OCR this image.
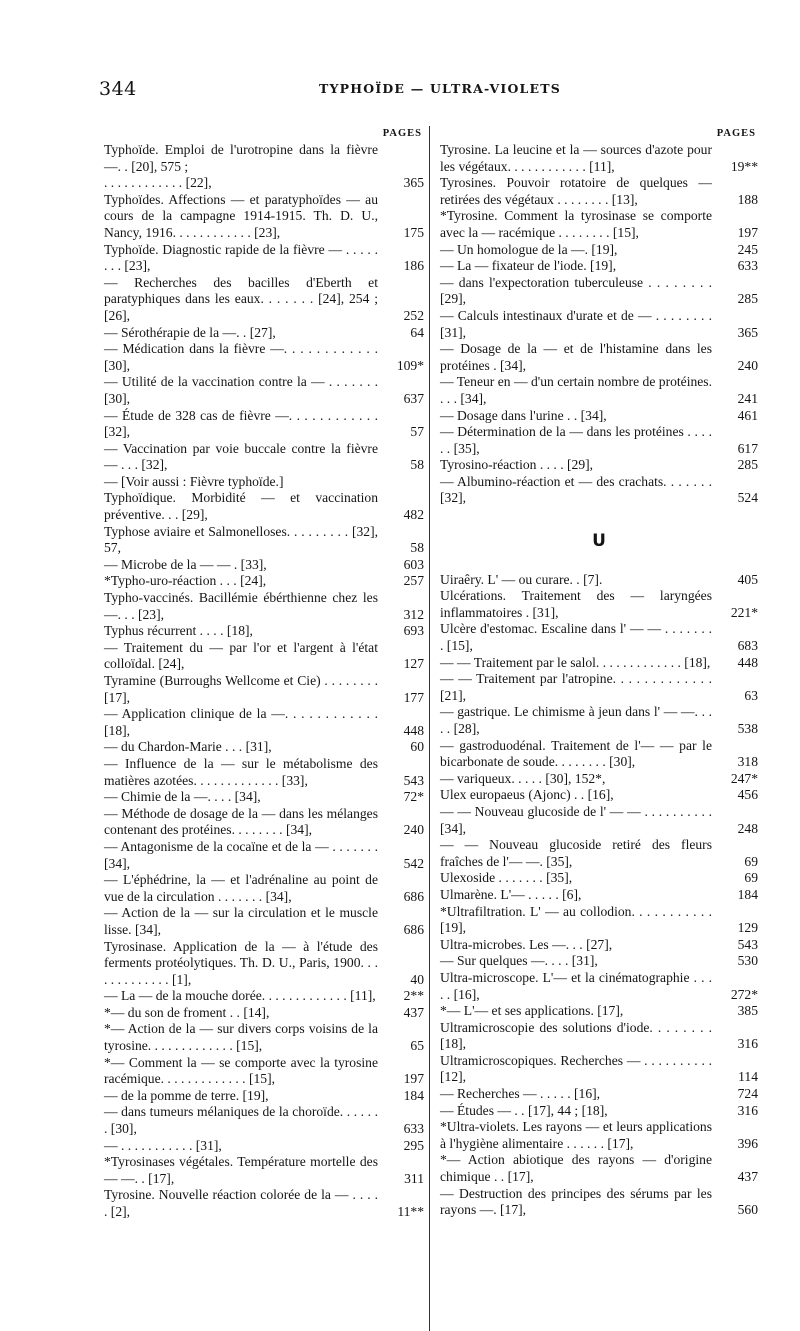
344	TYPHOÏDE — ULTRA-VIOLETS
PAGES
Typhoïde. Emploi de l'urotropine dans la fièvre —. . [20], 575 ;
. . . . . . . . . . . . [22],	365
Typhoïdes. Affections — et paratyphoïdes — au cours de la campagne 1914-1915. Th. D. U., Nancy, 1916. . . . . . . . . . . . [23],	175
Typhoïde. Diagnostic rapide de la fièvre — . . . . . . . . [23],	186
— Recherches des bacilles d'Eberth et paratyphiques dans les eaux. . . . . . . [24], 254 ; [26],	252
— Sérothérapie de la —. . [27],	64
— Médication dans la fièvre —. . . . . . . . . . . . [30],	109*
— Utilité de la vaccination contre la — . . . . . . . [30],	637
— Étude de 328 cas de fièvre —. . . . . . . . . . . . [32],	57
— Vaccination par voie buccale contre la fièvre — . . . [32],	58
— [Voir aussi : Fièvre typhoïde.]
Typhoïdique. Morbidité — et vaccination préventive. . . [29],	482
Typhose aviaire et Salmonelloses. . . . . . . . . [32], 57,	58
— Microbe de la — — . [33],	603
*Typho-uro-réaction . . . [24],	257
Typho-vaccinés. Bacillémie ébérthienne chez les —. . . [23],	312
Typhus récurrent . . . . [18],	693
— Traitement du — par l'or et l'argent à l'état colloïdal. [24],	127
Tyramine (Burroughs Wellcome et Cie) . . . . . . . . [17],	177
— Application clinique de la —. . . . . . . . . . . . [18],	448
— du Chardon-Marie . . . [31],	60
— Influence de la — sur le métabolisme des matières azotées. . . . . . . . . . . . . [33],	543
— Chimie de la —. . . . [34],	72*
— Méthode de dosage de la — dans les mélanges contenant des protéines. . . . . . . . [34],	240
— Antagonisme de la cocaïne et de la — . . . . . . . [34],	542
— L'éphédrine, la — et l'adrénaline au point de vue de la circulation . . . . . . . [34],	686
— Action de la — sur la circulation et le muscle lisse. [34],	686
Tyrosinase. Application de la — à l'étude des ferments protéolytiques. Th. D. U., Paris, 1900. . . . . . . . . . . . . [1],	40
— La — de la mouche dorée. . . . . . . . . . . . . [11],	2**
*— du son de froment . . [14],	437
*— Action de la — sur divers corps voisins de la tyrosine. . . . . . . . . . . . . [15],	65
*— Comment la — se comporte avec la tyrosine racémique. . . . . . . . . . . . . [15],	197
— de la pomme de terre. [19],	184
— dans tumeurs mélaniques de la choroïde. . . . . . . [30],	633
— . . . . . . . . . . . [31],	295
*Tyrosinases végétales. Température mortelle des — —. . [17],	311
Tyrosine. Nouvelle réaction colorée de la — . . . . . [2],	11**
PAGES
Tyrosine. La leucine et la — sources d'azote pour les végétaux. . . . . . . . . . . . [11],	19**
Tyrosines. Pouvoir rotatoire de quelques — retirées des végétaux . . . . . . . . [13],	188
*Tyrosine. Comment la tyrosinase se comporte avec la — racémique . . . . . . . . [15],	197
— Un homologue de la —. [19],	245
— La — fixateur de l'iode. [19],	633
— dans l'expectoration tuberculeuse . . . . . . . . [29],	285
— Calculs intestinaux d'urate et de — . . . . . . . . [31],	365
— Dosage de la — et de l'histamine dans les protéines . [34],	240
— Teneur en — d'un certain nombre de protéines. . . . [34],	241
— Dosage dans l'urine . . [34],	461
— Détermination de la — dans les protéines . . . . . . [35],	617
Tyrosino-réaction . . . . [29],	285
— Albumino-réaction et — des crachats. . . . . . . [32],	524
U
Uiraêry. L' — ou curare. . [7].	405
Ulcérations. Traitement des — laryngées inflammatoires . [31],	221*
Ulcère d'estomac. Escaline dans l' — — . . . . . . . . [15],	683
— — Traitement par le salol. . . . . . . . . . . . . [18],	448
— — Traitement par l'atropine. . . . . . . . . . . . . [21],	63
— gastrique. Le chimisme à jeun dans l' — —. . . . . [28],	538
— gastroduodénal. Traitement de l'— — par le bicarbonate de soude. . . . . . . . [30],	318
— variqueux. . . . . [30], 152*,	247*
Ulex europaeus (Ajonc) . . [16],	456
— — Nouveau glucoside de l' — — . . . . . . . . . . [34],	248
— — Nouveau glucoside retiré des fleurs fraîches de l'— —. [35],	69
Ulexoside . . . . . . . [35],	69
Ulmarène. L'— . . . . . [6],	184
*Ultrafiltration. L' — au collodion. . . . . . . . . . . [19],	129
Ultra-microbes. Les —. . . [27],	543
— Sur quelques —. . . . [31],	530
Ultra-microscope. L'— et la cinématographie . . . . . [16],	272*
*— L'— et ses applications. [17],	385
Ultramicroscopie des solutions d'iode. . . . . . . . [18],	316
Ultramicroscopiques. Recherches — . . . . . . . . . . [12],	114
— Recherches — . . . . . [16],	724
— Études — . . [17], 44 ; [18],	316
*Ultra-violets. Les rayons — et leurs applications à l'hygiène alimentaire . . . . . . [17],	396
*— Action abiotique des rayons — d'origine chimique . . [17],	437
— Destruction des principes des sérums par les rayons —. [17],	560
